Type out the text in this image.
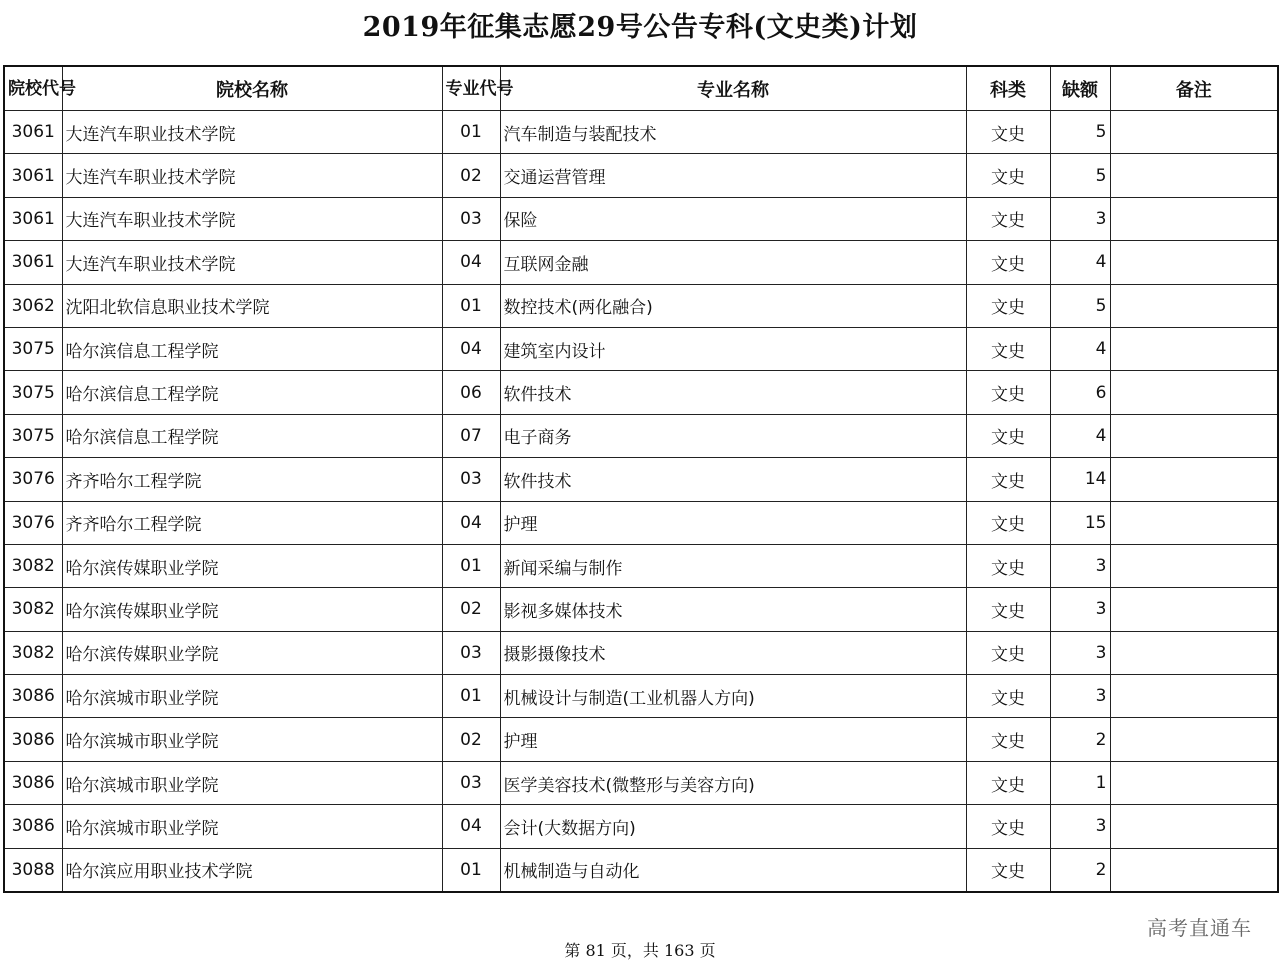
2019年征集志愿29号公告专科(文史类)计划
院校代号	院校名称	专业代号	专业名称	科类	缺额	备注
3061	大连汽车职业技术学院	01	汽车制造与装配技术	文史	5	
3061	大连汽车职业技术学院	02	交通运营管理	文史	5	
3061	大连汽车职业技术学院	03	保险	文史	3	
3061	大连汽车职业技术学院	04	互联网金融	文史	4	
3062	沈阳北软信息职业技术学院	01	数控技术(两化融合)	文史	5	
3075	哈尔滨信息工程学院	04	建筑室内设计	文史	4	
3075	哈尔滨信息工程学院	06	软件技术	文史	6	
3075	哈尔滨信息工程学院	07	电子商务	文史	4	
3076	齐齐哈尔工程学院	03	软件技术	文史	14	
3076	齐齐哈尔工程学院	04	护理	文史	15	
3082	哈尔滨传媒职业学院	01	新闻采编与制作	文史	3	
3082	哈尔滨传媒职业学院	02	影视多媒体技术	文史	3	
3082	哈尔滨传媒职业学院	03	摄影摄像技术	文史	3	
3086	哈尔滨城市职业学院	01	机械设计与制造(工业机器人方向)	文史	3	
3086	哈尔滨城市职业学院	02	护理	文史	2	
3086	哈尔滨城市职业学院	03	医学美容技术(微整形与美容方向)	文史	1	
3086	哈尔滨城市职业学院	04	会计(大数据方向)	文史	3	
3088	哈尔滨应用职业技术学院	01	机械制造与自动化	文史	2	
高考直通车
第 81 页，共 163 页
